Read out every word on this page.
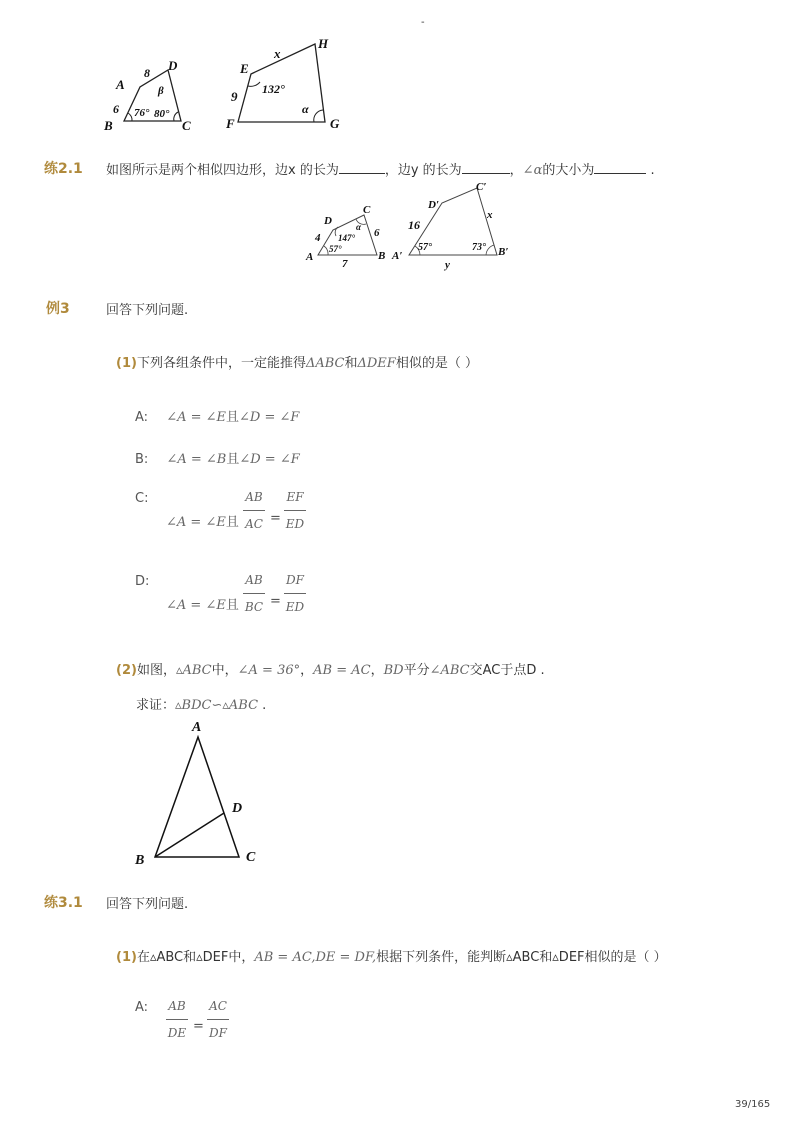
-
A
B	C
D
8
6 76° 80°
β
E
F	G
H
x
9 132°
α
练2.1 如图所示是两个相似四边形，边x 的长为	，边y 的长为	，∠α的大小为	.
A	B
C
D
4	6
7
57°
147°
α
A′	B′
C′
D′
16
x
y
57°	73°
例3	回答下列问题.
(1)下列各组条件中，一定能推得ΔABC和ΔDEF相似的是（ ）
A: ∠A = ∠E且∠D = ∠F
B: ∠A = ∠B且∠D = ∠F
C:
∠A = ∠E且
AB
AC =
EF
ED
D:
∠A = ∠E且
AB
BC =
DF
ED
(2)如图，▵ABC中，∠A = 36°，AB = AC，BD平分∠ABC交AC于点D .
求证：▵BDC∽▵ABC .
A
B	C
D
练3.1 回答下列问题.
(1)在▵ABC和▵DEF中，AB = AC,DE = DF,根据下列条件，能判断▵ABC和▵DEF相似的是（ ）
A: AB
DE =
AC
DF
39/165
